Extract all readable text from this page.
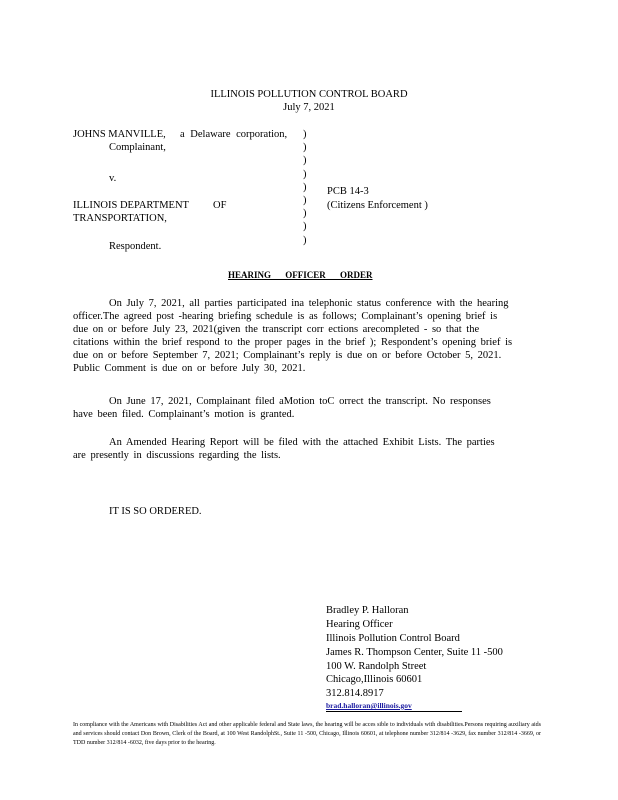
ILLINOIS POLLUTION CONTROL BOARD
July 7, 2021
JOHNS MANVILLE, a Delaware corporation,
Complainant,
v.
ILLINOIS DEPARTMENT OF
TRANSPORTATION,
Respondent.
PCB 14-3
(Citizens Enforcement )
)
)
)
)
)
)
)
)
)
HEARING OFFICER ORDER
On July 7, 2021, all parties participated ina telephonic status conference with the hearing
officer.The agreed post -hearing briefing schedule is as follows; Complainant’s opening brief is
due on or before July 23, 2021(given the transcript corr ections arecompleted - so that the
citations within the brief respond to the proper pages in the brief ); Respondent’s opening brief is
due on or before September 7, 2021; Complainant’s reply is due on or before October 5, 2021.
Public Comment is due on or before July 30, 2021.
On June 17, 2021, Complainant filed aMotion toC orrect the transcript. No responses
have been filed. Complainant’s motion is granted.
An Amended Hearing Report will be filed with the attached Exhibit Lists. The parties
are presently in discussions regarding the lists.
IT IS SO ORDERED.
Bradley P. Halloran
Hearing Officer
Illinois Pollution Control Board
James R. Thompson Center, Suite 11 -500
100 W. Randolph Street
Chicago,Illinois 60601
312.814.8917
brad.halloran@illinois.gov
In compliance with the Americans with Disabilities Act and other applicable federal and State laws, the hearing will be acces sible to individuals with disabilities.Persons requiring auxiliary aids and services should contact Don Brown, Clerk of the Board, at 100 West RandolphSt., Suite 11 -500, Chicago, Illinois 60601, at telephone number 312/814 -3629, fax number 312/814 -3669, or TDD number 312/814 -6032, five days prior to the hearing.
